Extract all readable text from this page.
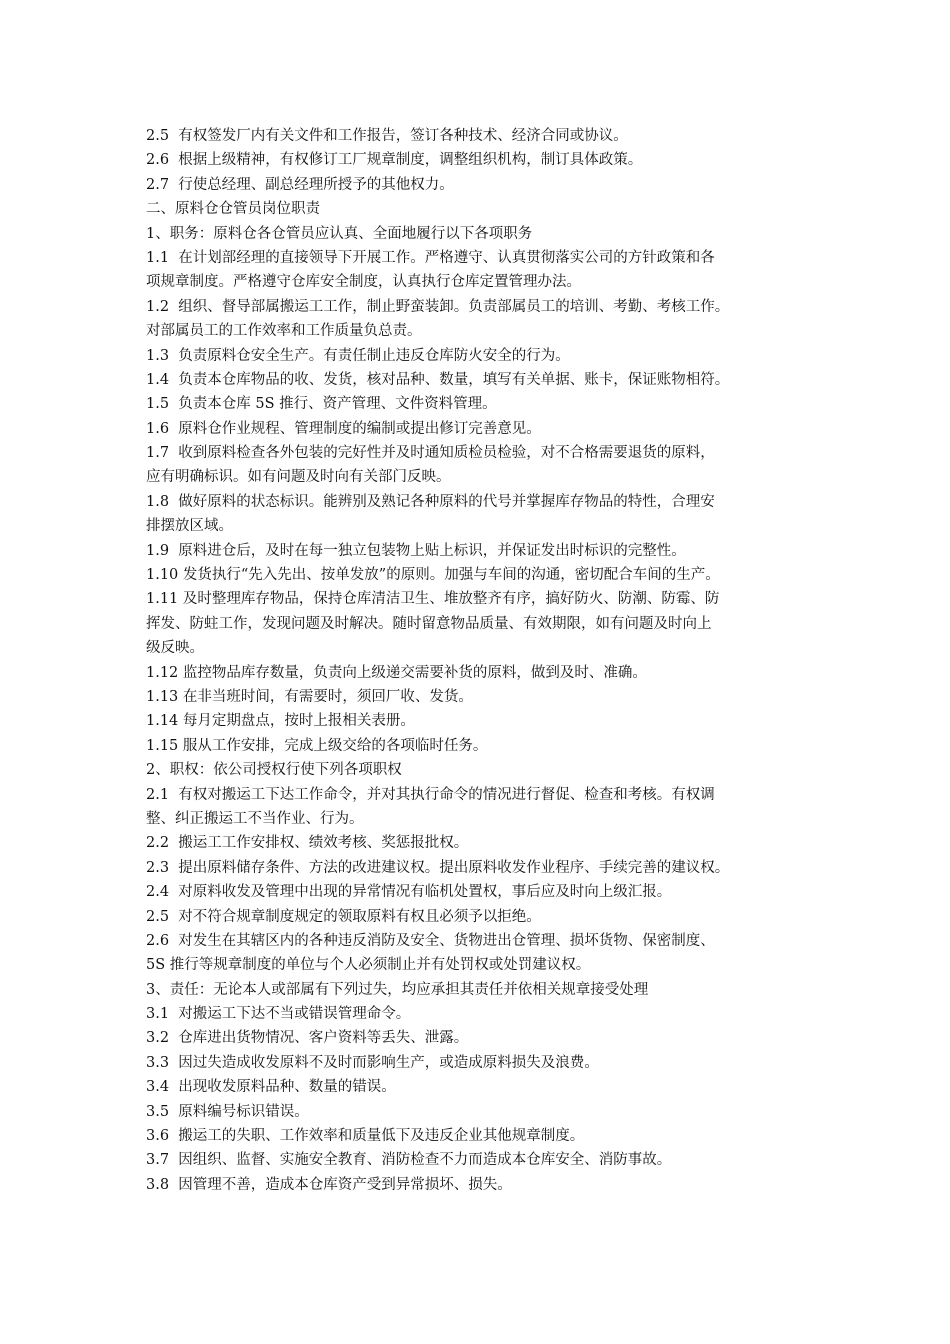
2.5  有权签发厂内有关文件和工作报告，签订各种技术、经济合同或协议。
2.6  根据上级精神，有权修订工厂规章制度，调整组织机构，制订具体政策。
2.7  行使总经理、副总经理所授予的其他权力。
二、原料仓仓管员岗位职责
1、职务：原料仓各仓管员应认真、全面地履行以下各项职务
1.1  在计划部经理的直接领导下开展工作。严格遵守、认真贯彻落实公司的方针政策和各
项规章制度。严格遵守仓库安全制度，认真执行仓库定置管理办法。
1.2  组织、督导部属搬运工工作，制止野蛮装卸。负责部属员工的培训、考勤、考核工作。
对部属员工的工作效率和工作质量负总责。
1.3  负责原料仓安全生产。有责任制止违反仓库防火安全的行为。
1.4  负责本仓库物品的收、发货，核对品种、数量，填写有关单据、账卡，保证账物相符。
1.5  负责本仓库 5S 推行、资产管理、文件资料管理。
1.6  原料仓作业规程、管理制度的编制或提出修订完善意见。
1.7  收到原料检查各外包装的完好性并及时通知质检员检验，对不合格需要退货的原料，
应有明确标识。如有问题及时向有关部门反映。
1.8  做好原料的状态标识。能辨别及熟记各种原料的代号并掌握库存物品的特性，合理安
排摆放区域。
1.9  原料进仓后，及时在每一独立包装物上贴上标识，并保证发出时标识的完整性。
1.10 发货执行“先入先出、按单发放”的原则。加强与车间的沟通，密切配合车间的生产。
1.11 及时整理库存物品，保持仓库清洁卫生、堆放整齐有序，搞好防火、防潮、防霉、防
挥发、防蛀工作，发现问题及时解决。随时留意物品质量、有效期限，如有问题及时向上
级反映。
1.12 监控物品库存数量，负责向上级递交需要补货的原料，做到及时、准确。
1.13 在非当班时间，有需要时，须回厂收、发货。
1.14 每月定期盘点，按时上报相关表册。
1.15 服从工作安排，完成上级交给的各项临时任务。
2、职权：依公司授权行使下列各项职权
2.1  有权对搬运工下达工作命令，并对其执行命令的情况进行督促、检查和考核。有权调
整、纠正搬运工不当作业、行为。
2.2  搬运工工作安排权、绩效考核、奖惩报批权。
2.3  提出原料储存条件、方法的改进建议权。提出原料收发作业程序、手续完善的建议权。
2.4  对原料收发及管理中出现的异常情况有临机处置权，事后应及时向上级汇报。
2.5  对不符合规章制度规定的领取原料有权且必须予以拒绝。
2.6  对发生在其辖区内的各种违反消防及安全、货物进出仓管理、损坏货物、保密制度、
5S 推行等规章制度的单位与个人必须制止并有处罚权或处罚建议权。
3、责任：无论本人或部属有下列过失，均应承担其责任并依相关规章接受处理
3.1  对搬运工下达不当或错误管理命令。
3.2  仓库进出货物情况、客户资料等丢失、泄露。
3.3  因过失造成收发原料不及时而影响生产，或造成原料损失及浪费。
3.4  出现收发原料品种、数量的错误。
3.5  原料编号标识错误。
3.6  搬运工的失职、工作效率和质量低下及违反企业其他规章制度。
3.7  因组织、监督、实施安全教育、消防检查不力而造成本仓库安全、消防事故。
3.8  因管理不善，造成本仓库资产受到异常损坏、损失。
